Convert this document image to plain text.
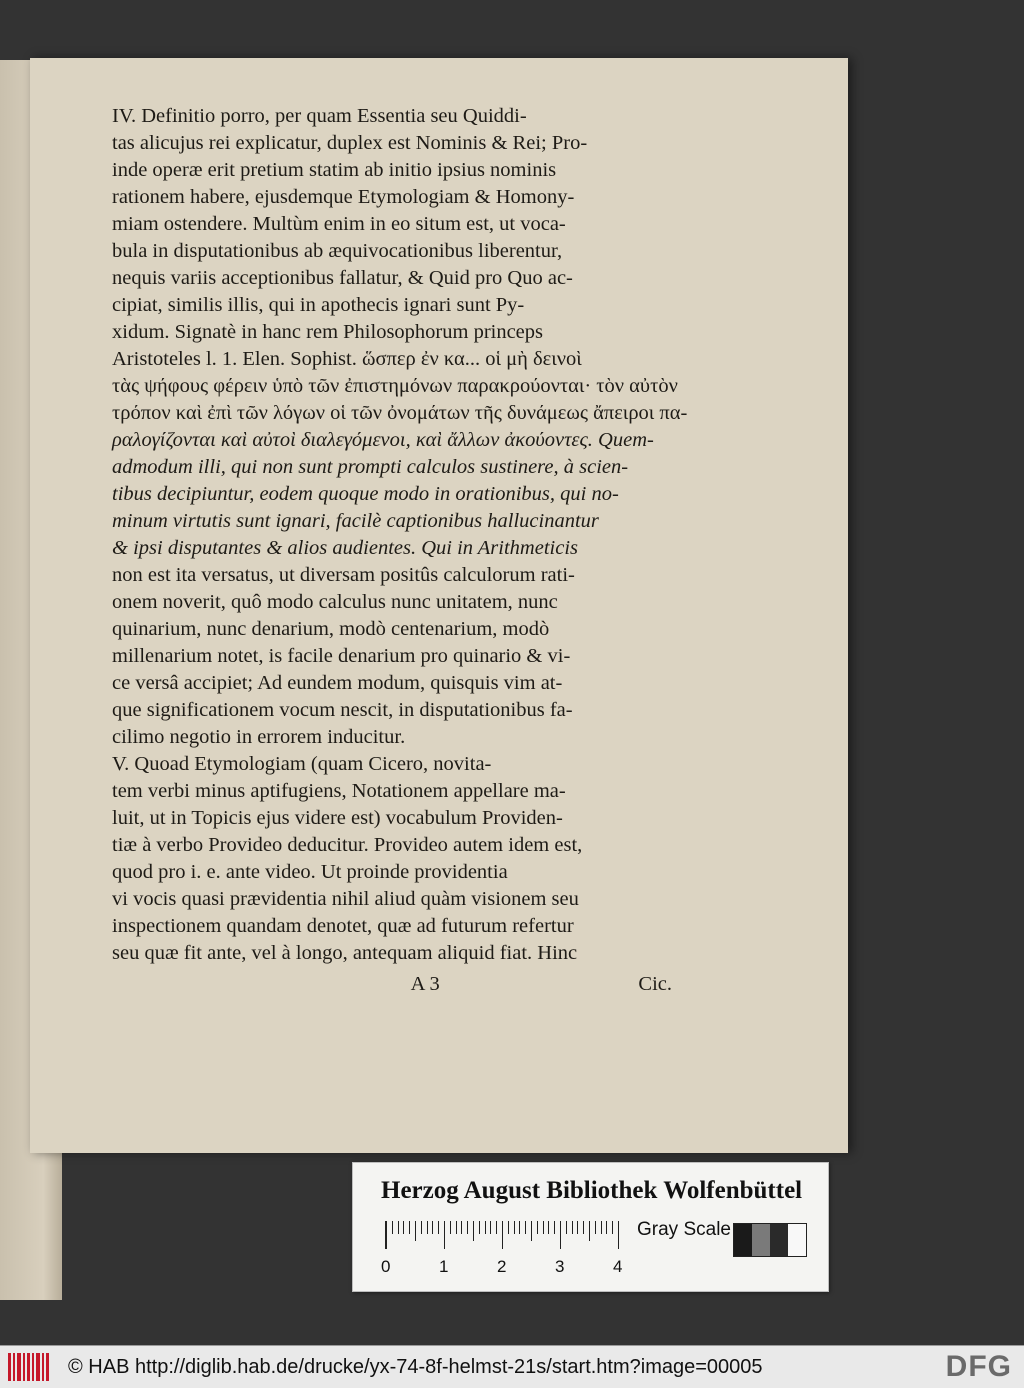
IV. Definitio porro, per quam Essentia seu Quiddi-
tas alicujus rei explicatur, duplex est Nominis & Rei; Pro-
inde operæ erit pretium statim ab initio ipsius nominis
rationem habere, ejusdemque Etymologiam & Homony-
miam ostendere. Multùm enim in eo situm est, ut voca-
bula in disputationibus ab æquivocationibus liberentur,
nequis variis acceptionibus fallatur, & Quid pro Quo ac-
cipiat, similis illis, qui in apothecis ignari sunt Py-
xidum. Signatè in hanc rem Philosophorum princeps
Aristoteles l. 1. Elen. Sophist. ὥσπερ ἐν κα... οἱ μὴ δεινοὶ
τὰς ψήφους φέρειν ὑπὸ τῶν ἐπιστημόνων παρακρούονται· τὸν αὐτὸν
τρόπον καὶ ἐπὶ τῶν λόγων οἱ τῶν ὀνομάτων τῆς δυνάμεως ἄπειροι πα-
ραλογίζονται καὶ αὐτοὶ διαλεγόμενοι, καὶ ἄλλων ἀκούοντες. Quem-
admodum illi, qui non sunt prompti calculos sustinere, à scien-
tibus decipiuntur, eodem quoque modo in orationibus, qui no-
minum virtutis sunt ignari, facilè captionibus hallucinantur
& ipsi disputantes & alios audientes. Qui in Arithmeticis
non est ita versatus, ut diversam positûs calculorum rati-
onem noverit, quô modo calculus nunc unitatem, nunc
quinarium, nunc denarium, modò centenarium, modò
millenarium notet, is facile denarium pro quinario & vi-
ce versâ accipiet; Ad eundem modum, quisquis vim at-
que significationem vocum nescit, in disputationibus fa-
cilimo negotio in errorem inducitur.
V. Quoad Etymologiam (quam Cicero, novita-
tem verbi minus aptifugiens, Notationem appellare ma-
luit, ut in Topicis ejus videre est) vocabulum Providen-
tiæ à verbo Provideo deducitur. Provideo autem idem est,
quod pro i. e. ante video. Ut proinde providentia
vi vocis quasi prævidentia nihil aliud quàm visionem seu
inspectionem quandam denotet, quæ ad futurum refertur
seu quæ fit ante, vel à longo, antequam aliquid fiat. Hinc
A 3	Cic.
Herzog August Bibliothek Wolfenbüttel
0	1	2	3	4
Gray Scale
© HAB http://diglib.hab.de/drucke/yx-74-8f-helmst-21s/start.htm?image=00005	DFG
